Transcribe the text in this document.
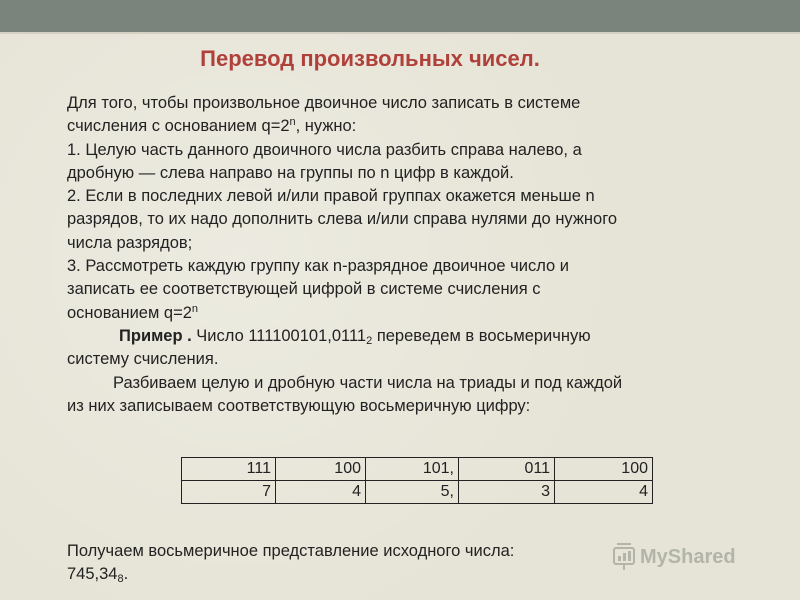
Перевод произвольных чисел.

Для того, чтобы произвольное двоичное число записать в системе

счисления с основанием $q=2^n$, нужно:

1. Целую часть данного двоичного числа разбить справа налево, а

дробную — слева направо на группы по n цифр в каждой.

2. Если в последних левой и/или правой группах окажется меньше n

разрядов, то их надо дополнить слева и/или справа нулями до нужного

числа разрядов;

3. Рассмотреть каждую группу как n-разрядное двоичное число и

записать ее соответствующей цифрой в системе счисления с

основанием $q=2^n$

Пример . Число $111100101,0111_2$ переведем в восьмеричную

систему счисления.

Разбиваем целую и дробную части числа на триады и под каждой

из них записываем соответствующую восьмеричную цифру:

111	100	101,	011	100
7	4	5,	3	4

Получаем восьмеричное представление исходного числа:

$745,34_8$.

MyShared
